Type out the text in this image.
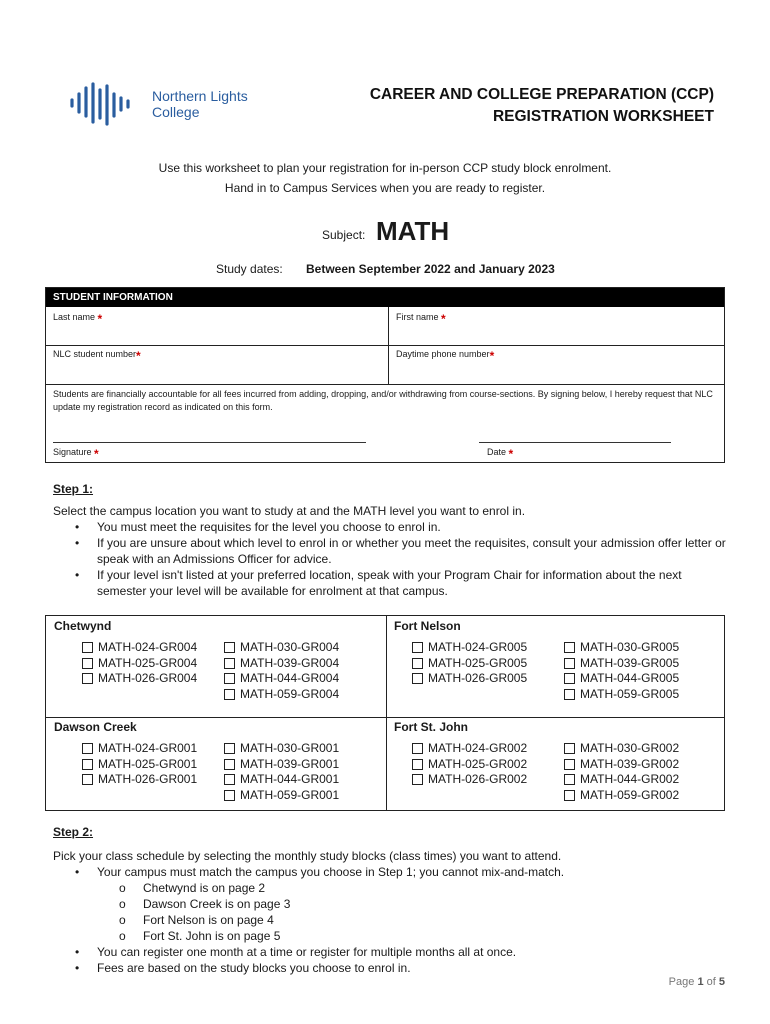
Northern Lights
College
CAREER AND COLLEGE PREPARATION (CCP)
REGISTRATION WORKSHEET
Use this worksheet to plan your registration for in-person CCP study block enrolment.
Hand in to Campus Services when you are ready to register.
Subject: MATH
Study dates: Between September 2022 and January 2023
STUDENT INFORMATION
Last name *	First name *
NLC student number*	Daytime phone number*
Students are financially accountable for all fees incurred from adding, dropping, and/or withdrawing from course-sections. By signing below, I hereby request that NLC update my registration record as indicated on this form.
Signature *	Date *
Step 1:
Select the campus location you want to study at and the MATH level you want to enrol in.
• You must meet the requisites for the level you choose to enrol in.
• If you are unsure about which level to enrol in or whether you meet the requisites, consult your admission offer letter or speak with an Admissions Officer for advice.
• If your level isn't listed at your preferred location, speak with your Program Chair for information about the next semester your level will be available for enrolment at that campus.
Chetwynd
MATH-024-GR004
MATH-025-GR004
MATH-026-GR004
MATH-030-GR004
MATH-039-GR004
MATH-044-GR004
MATH-059-GR004
Fort Nelson
MATH-024-GR005
MATH-025-GR005
MATH-026-GR005
MATH-030-GR005
MATH-039-GR005
MATH-044-GR005
MATH-059-GR005
Dawson Creek
MATH-024-GR001
MATH-025-GR001
MATH-026-GR001
MATH-030-GR001
MATH-039-GR001
MATH-044-GR001
MATH-059-GR001
Fort St. John
MATH-024-GR002
MATH-025-GR002
MATH-026-GR002
MATH-030-GR002
MATH-039-GR002
MATH-044-GR002
MATH-059-GR002
Step 2:
Pick your class schedule by selecting the monthly study blocks (class times) you want to attend.
• Your campus must match the campus you choose in Step 1; you cannot mix-and-match.
o Chetwynd is on page 2
o Dawson Creek is on page 3
o Fort Nelson is on page 4
o Fort St. John is on page 5
• You can register one month at a time or register for multiple months all at once.
• Fees are based on the study blocks you choose to enrol in.
Page 1 of 5
